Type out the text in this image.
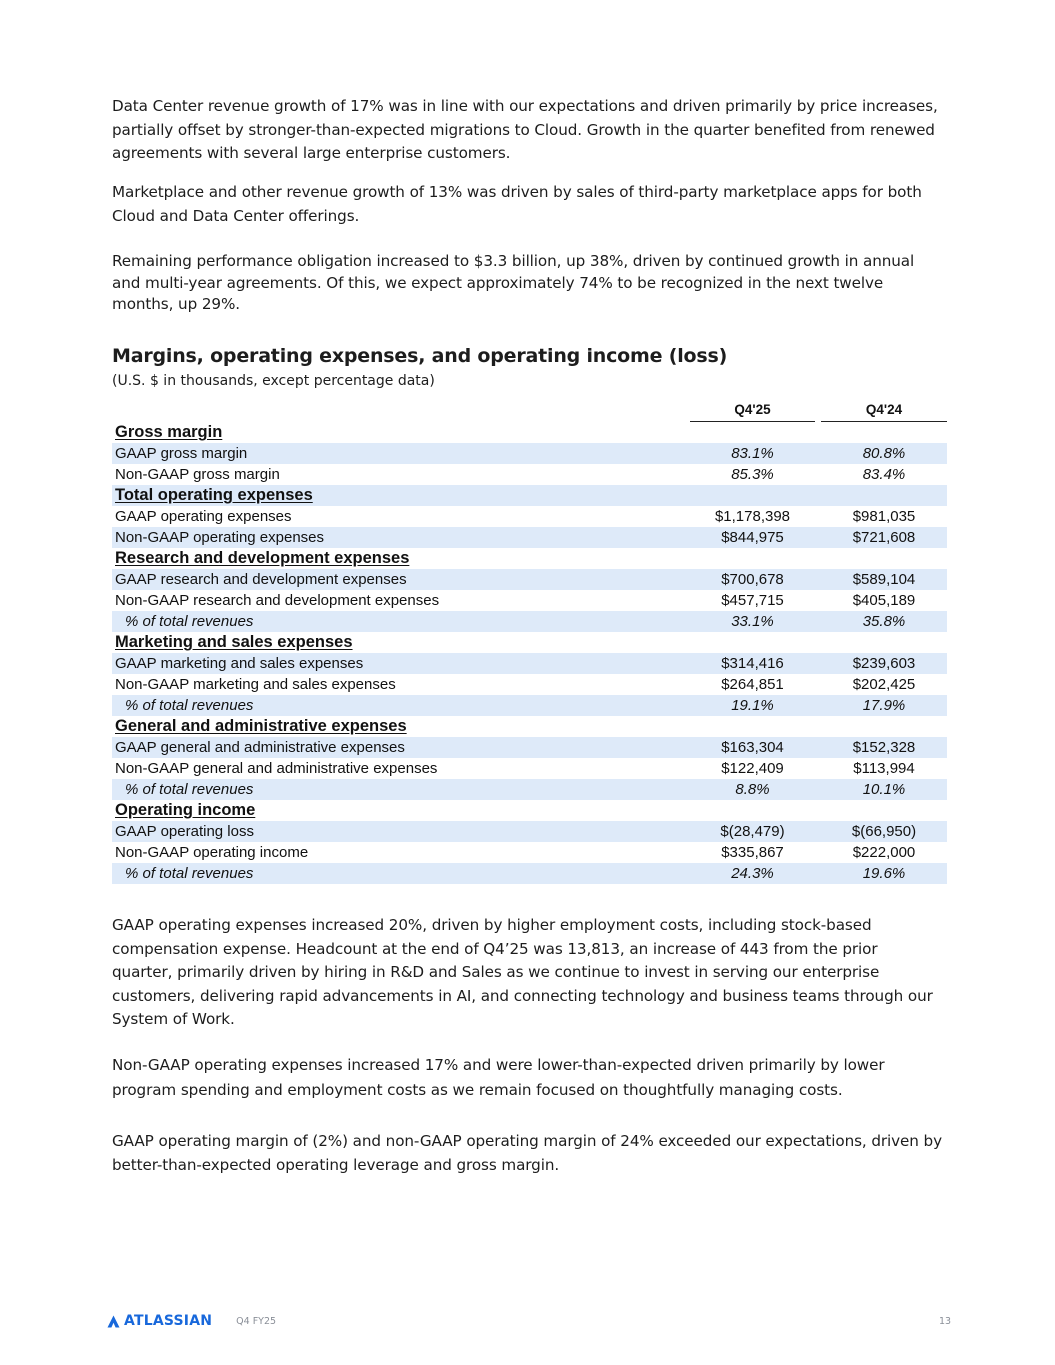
Data Center revenue growth of 17% was in line with our expectations and driven primarily by price increases, partially offset by stronger-than-expected migrations to Cloud. Growth in the quarter benefited from renewed agreements with several large enterprise customers.

Marketplace and other revenue growth of 13% was driven by sales of third-party marketplace apps for both Cloud and Data Center offerings.

Remaining performance obligation increased to $3.3 billion, up 38%, driven by continued growth in annual and multi-year agreements. Of this, we expect approximately 74% to be recognized in the next twelve months, up 29%.

Margins, operating expenses, and operating income (loss)
(U.S. $ in thousands, except percentage data)
Q4'25	Q4'24
Gross margin
GAAP gross margin	83.1%	80.8%
Non-GAAP gross margin	85.3%	83.4%
Total operating expenses
GAAP operating expenses	$1,178,398	$981,035
Non-GAAP operating expenses	$844,975	$721,608
Research and development expenses
GAAP research and development expenses	$700,678	$589,104
Non-GAAP research and development expenses	$457,715	$405,189
% of total revenues	33.1%	35.8%
Marketing and sales expenses
GAAP marketing and sales expenses	$314,416	$239,603
Non-GAAP marketing and sales expenses	$264,851	$202,425
% of total revenues	19.1%	17.9%
General and administrative expenses
GAAP general and administrative expenses	$163,304	$152,328
Non-GAAP general and administrative expenses	$122,409	$113,994
% of total revenues	8.8%	10.1%
Operating income
GAAP operating loss	$(28,479)	$(66,950)
Non-GAAP operating income	$335,867	$222,000
% of total revenues	24.3%	19.6%

GAAP operating expenses increased 20%, driven by higher employment costs, including stock-based compensation expense. Headcount at the end of Q4’25 was 13,813, an increase of 443 from the prior quarter, primarily driven by hiring in R&D and Sales as we continue to invest in serving our enterprise customers, delivering rapid advancements in AI, and connecting technology and business teams through our System of Work.

Non-GAAP operating expenses increased 17% and were lower-than-expected driven primarily by lower program spending and employment costs as we remain focused on thoughtfully managing costs.

GAAP operating margin of (2%) and non-GAAP operating margin of 24% exceeded our expectations, driven by better-than-expected operating leverage and gross margin.

ATLASSIAN	Q4 FY25	13
